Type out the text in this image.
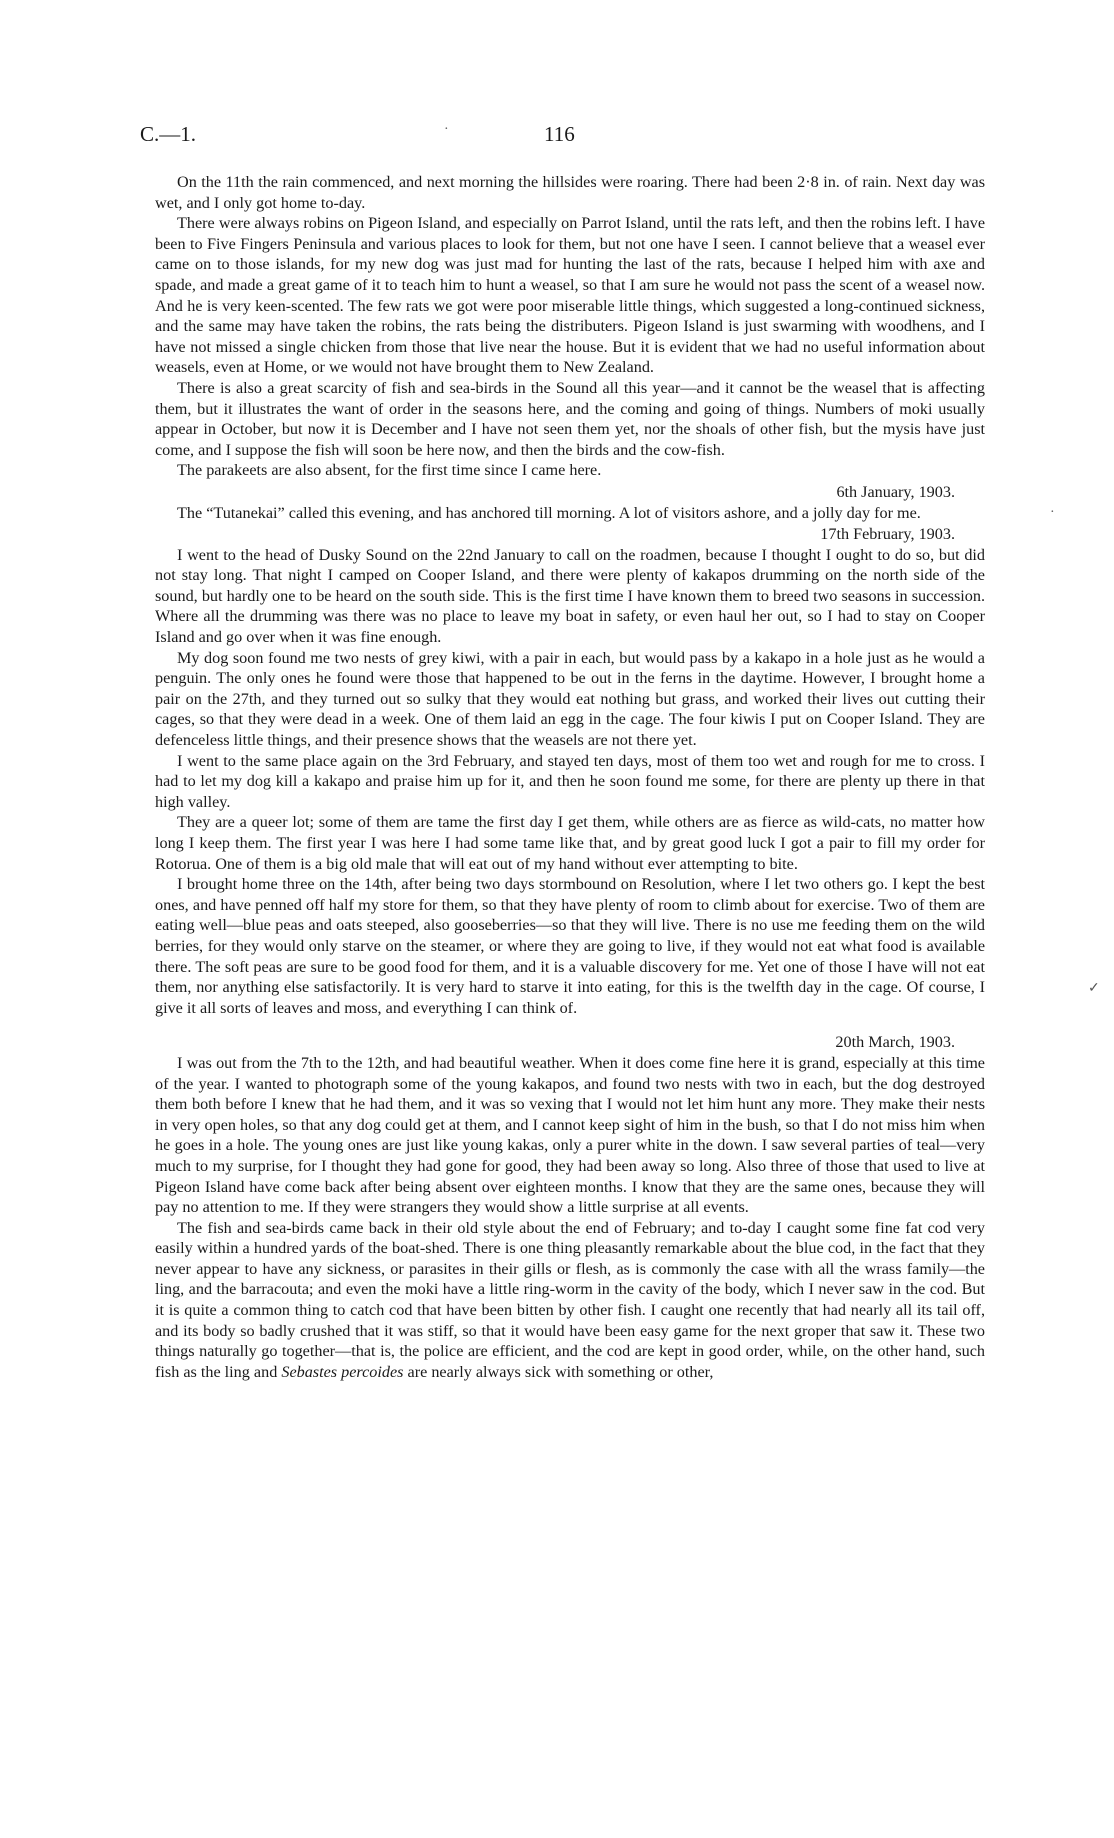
C.—1.	116

On the 11th the rain commenced, and next morning the hillsides were roaring. There had been 2·8 in. of rain. Next day was wet, and I only got home to-day.

There were always robins on Pigeon Island, and especially on Parrot Island, until the rats left, and then the robins left. I have been to Five Fingers Peninsula and various places to look for them, but not one have I seen. I cannot believe that a weasel ever came on to those islands, for my new dog was just mad for hunting the last of the rats, because I helped him with axe and spade, and made a great game of it to teach him to hunt a weasel, so that I am sure he would not pass the scent of a weasel now. And he is very keen-scented. The few rats we got were poor miserable little things, which suggested a long-continued sickness, and the same may have taken the robins, the rats being the distributers. Pigeon Island is just swarming with woodhens, and I have not missed a single chicken from those that live near the house. But it is evident that we had no useful information about weasels, even at Home, or we would not have brought them to New Zealand.

There is also a great scarcity of fish and sea-birds in the Sound all this year—and it cannot be the weasel that is affecting them, but it illustrates the want of order in the seasons here, and the coming and going of things. Numbers of moki usually appear in October, but now it is December and I have not seen them yet, nor the shoals of other fish, but the mysis have just come, and I suppose the fish will soon be here now, and then the birds and the cow-fish.

The parakeets are also absent, for the first time since I came here.

6th January, 1903.

The “Tutanekai” called this evening, and has anchored till morning. A lot of visitors ashore, and a jolly day for me.

17th February, 1903.

I went to the head of Dusky Sound on the 22nd January to call on the roadmen, because I thought I ought to do so, but did not stay long. That night I camped on Cooper Island, and there were plenty of kakapos drumming on the north side of the sound, but hardly one to be heard on the south side. This is the first time I have known them to breed two seasons in succession. Where all the drumming was there was no place to leave my boat in safety, or even haul her out, so I had to stay on Cooper Island and go over when it was fine enough.

My dog soon found me two nests of grey kiwi, with a pair in each, but would pass by a kakapo in a hole just as he would a penguin. The only ones he found were those that happened to be out in the ferns in the daytime. However, I brought home a pair on the 27th, and they turned out so sulky that they would eat nothing but grass, and worked their lives out cutting their cages, so that they were dead in a week. One of them laid an egg in the cage. The four kiwis I put on Cooper Island. They are defenceless little things, and their presence shows that the weasels are not there yet.

I went to the same place again on the 3rd February, and stayed ten days, most of them too wet and rough for me to cross. I had to let my dog kill a kakapo and praise him up for it, and then he soon found me some, for there are plenty up there in that high valley.

They are a queer lot; some of them are tame the first day I get them, while others are as fierce as wild-cats, no matter how long I keep them. The first year I was here I had some tame like that, and by great good luck I got a pair to fill my order for Rotorua. One of them is a big old male that will eat out of my hand without ever attempting to bite.

I brought home three on the 14th, after being two days stormbound on Resolution, where I let two others go. I kept the best ones, and have penned off half my store for them, so that they have plenty of room to climb about for exercise. Two of them are eating well—blue peas and oats steeped, also gooseberries—so that they will live. There is no use me feeding them on the wild berries, for they would only starve on the steamer, or where they are going to live, if they would not eat what food is available there. The soft peas are sure to be good food for them, and it is a valuable discovery for me. Yet one of those I have will not eat them, nor anything else satisfactorily. It is very hard to starve it into eating, for this is the twelfth day in the cage. Of course, I give it all sorts of leaves and moss, and everything I can think of.

20th March, 1903.

I was out from the 7th to the 12th, and had beautiful weather. When it does come fine here it is grand, especially at this time of the year. I wanted to photograph some of the young kakapos, and found two nests with two in each, but the dog destroyed them both before I knew that he had them, and it was so vexing that I would not let him hunt any more. They make their nests in very open holes, so that any dog could get at them, and I cannot keep sight of him in the bush, so that I do not miss him when he goes in a hole. The young ones are just like young kakas, only a purer white in the down. I saw several parties of teal—very much to my surprise, for I thought they had gone for good, they had been away so long. Also three of those that used to live at Pigeon Island have come back after being absent over eighteen months. I know that they are the same ones, because they will pay no attention to me. If they were strangers they would show a little surprise at all events.

The fish and sea-birds came back in their old style about the end of February; and to-day I caught some fine fat cod very easily within a hundred yards of the boat-shed. There is one thing pleasantly remarkable about the blue cod, in the fact that they never appear to have any sickness, or parasites in their gills or flesh, as is commonly the case with all the wrass family—the ling, and the barracouta; and even the moki have a little ring-worm in the cavity of the body, which I never saw in the cod. But it is quite a common thing to catch cod that have been bitten by other fish. I caught one recently that had nearly all its tail off, and its body so badly crushed that it was stiff, so that it would have been easy game for the next groper that saw it. These two things naturally go together—that is, the police are efficient, and the cod are kept in good order, while, on the other hand, such fish as the ling and Sebastes percoides are nearly always sick with something or other,

·
·
✓
